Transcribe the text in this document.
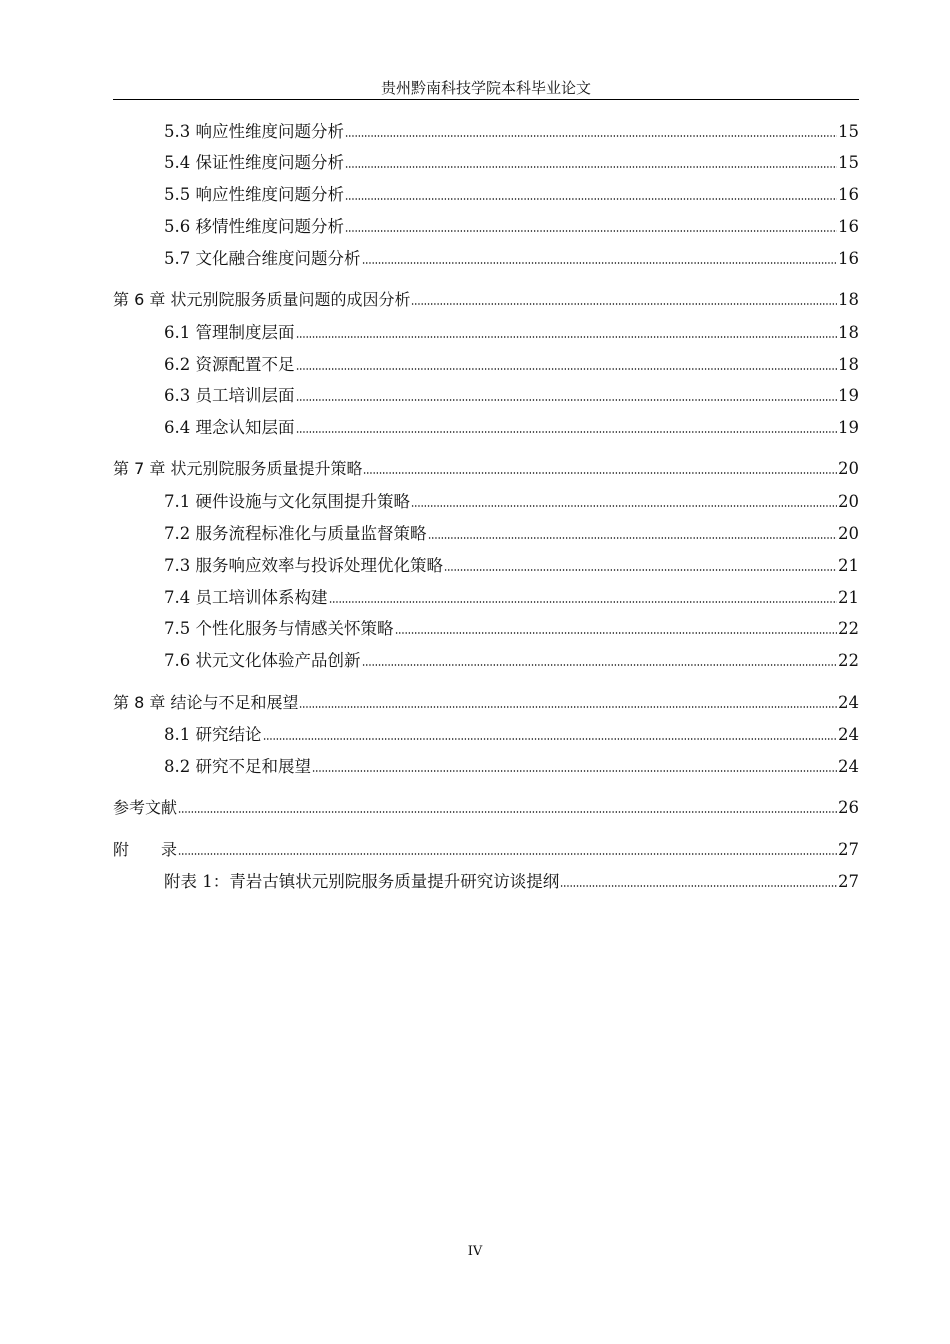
贵州黔南科技学院本科毕业论文
5.3 响应性维度问题分析	15
5.4 保证性维度问题分析	15
5.5 响应性维度问题分析	16
5.6 移情性维度问题分析	16
5.7 文化融合维度问题分析	16
第 6 章 状元别院服务质量问题的成因分析	18
6.1 管理制度层面	18
6.2 资源配置不足	18
6.3 员工培训层面	19
6.4 理念认知层面	19
第 7 章 状元别院服务质量提升策略	20
7.1 硬件设施与文化氛围提升策略	20
7.2 服务流程标准化与质量监督策略	20
7.3 服务响应效率与投诉处理优化策略	21
7.4 员工培训体系构建	21
7.5 个性化服务与情感关怀策略	22
7.6 状元文化体验产品创新	22
第 8 章 结论与不足和展望	24
8.1 研究结论	24
8.2 研究不足和展望	24
参考文献	26
附　　录	27
附表 1：青岩古镇状元别院服务质量提升研究访谈提纲	27
IV
